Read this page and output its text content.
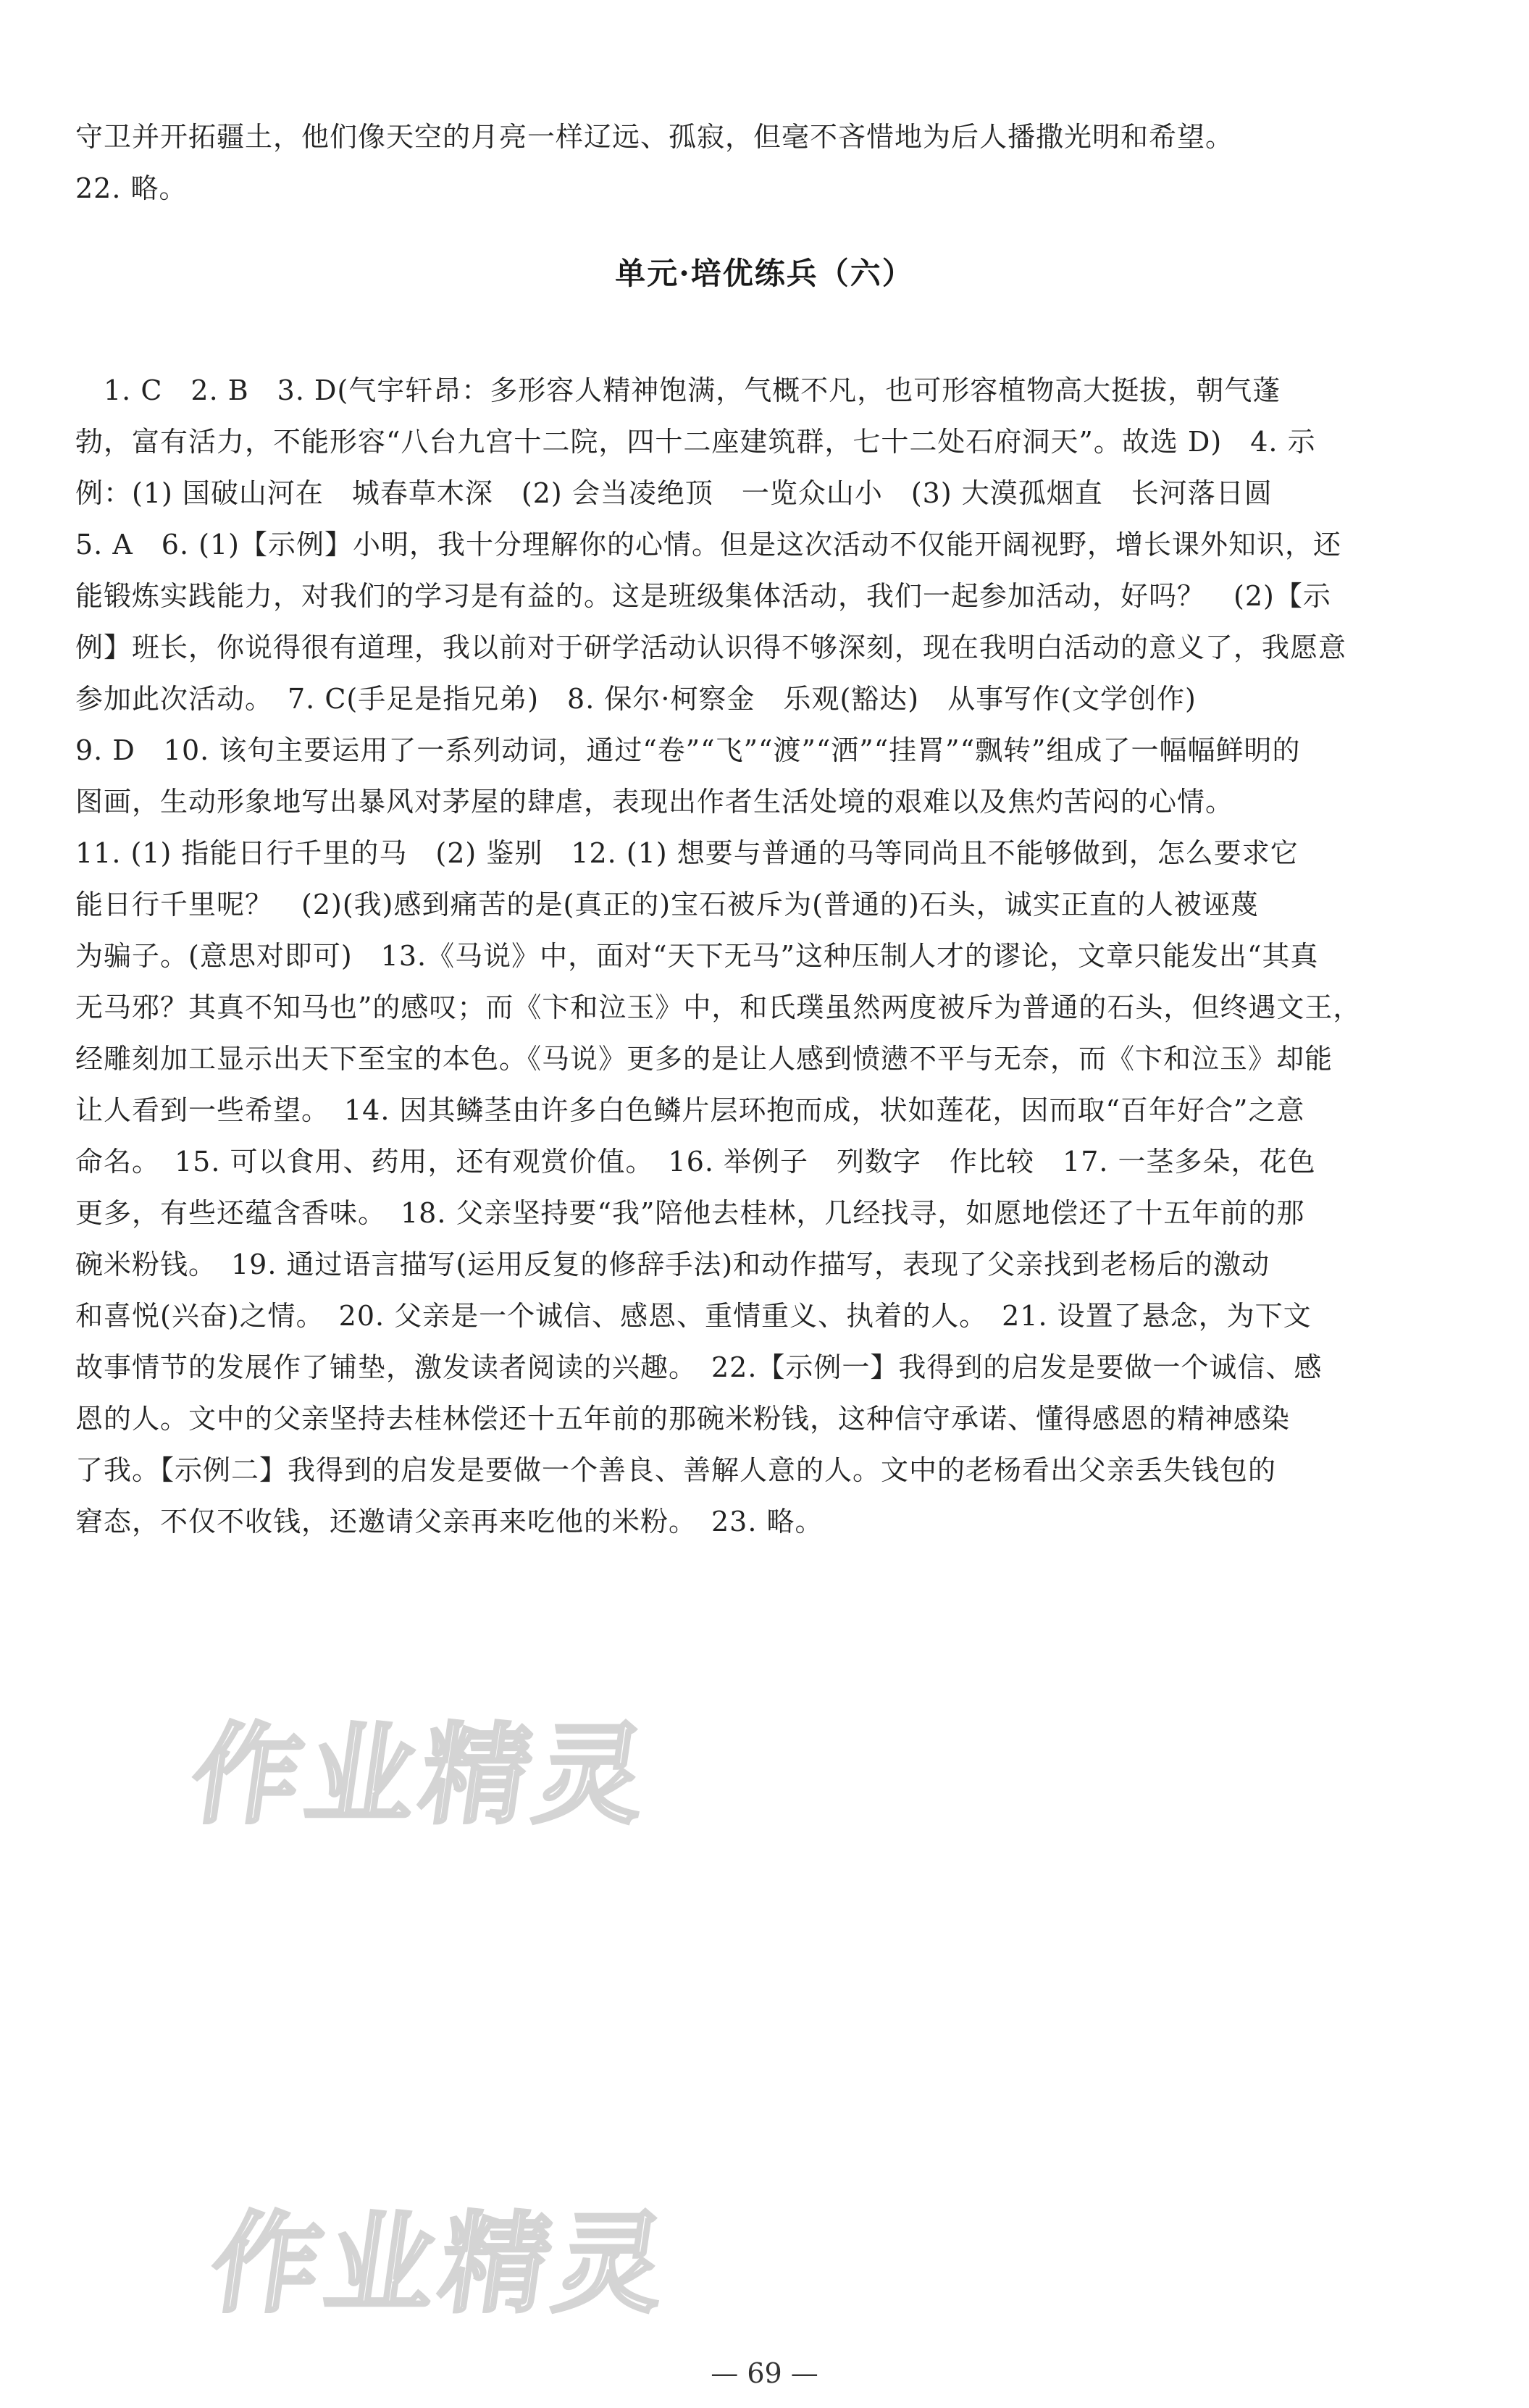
守卫并开拓疆土，他们像天空的月亮一样辽远、孤寂，但毫不吝惜地为后人播撒光明和希望。
22. 略。
单元·培优练兵（六）
　1. C　2. B　3. D(气宇轩昂：多形容人精神饱满，气概不凡，也可形容植物高大挺拔，朝气蓬
勃，富有活力，不能形容“八台九宫十二院，四十二座建筑群，七十二处石府洞天”。故选 D)　4. 示
例：(1) 国破山河在　城春草木深　(2) 会当凌绝顶　一览众山小　(3) 大漠孤烟直　长河落日圆
5. A　6. (1)【示例】小明，我十分理解你的心情。但是这次活动不仅能开阔视野，增长课外知识，还
能锻炼实践能力，对我们的学习是有益的。这是班级集体活动，我们一起参加活动，好吗？　(2)【示
例】班长，你说得很有道理，我以前对于研学活动认识得不够深刻，现在我明白活动的意义了，我愿意
参加此次活动。　7. C(手足是指兄弟)　8. 保尔·柯察金　乐观(豁达)　从事写作(文学创作)
9. D　10. 该句主要运用了一系列动词，通过“卷”“飞”“渡”“洒”“挂罥”“飘转”组成了一幅幅鲜明的
图画，生动形象地写出暴风对茅屋的肆虐，表现出作者生活处境的艰难以及焦灼苦闷的心情。
11. (1) 指能日行千里的马　(2) 鉴别　12. (1) 想要与普通的马等同尚且不能够做到，怎么要求它
能日行千里呢？　(2)(我)感到痛苦的是(真正的)宝石被斥为(普通的)石头，诚实正直的人被诬蔑
为骗子。(意思对即可)　13.《马说》中，面对“天下无马”这种压制人才的谬论，文章只能发出“其真
无马邪？其真不知马也”的感叹；而《卞和泣玉》中，和氏璞虽然两度被斥为普通的石头，但终遇文王，
经雕刻加工显示出天下至宝的本色。《马说》更多的是让人感到愤懑不平与无奈，而《卞和泣玉》却能
让人看到一些希望。　14. 因其鳞茎由许多白色鳞片层环抱而成，状如莲花，因而取“百年好合”之意
命名。　15. 可以食用、药用，还有观赏价值。　16. 举例子　列数字　作比较　17. 一茎多朵，花色
更多，有些还蕴含香味。　18. 父亲坚持要“我”陪他去桂林，几经找寻，如愿地偿还了十五年前的那
碗米粉钱。　19. 通过语言描写(运用反复的修辞手法)和动作描写，表现了父亲找到老杨后的激动
和喜悦(兴奋)之情。　20. 父亲是一个诚信、感恩、重情重义、执着的人。　21. 设置了悬念，为下文
故事情节的发展作了铺垫，激发读者阅读的兴趣。　22.【示例一】我得到的启发是要做一个诚信、感
恩的人。文中的父亲坚持去桂林偿还十五年前的那碗米粉钱，这种信守承诺、懂得感恩的精神感染
了我。【示例二】我得到的启发是要做一个善良、善解人意的人。文中的老杨看出父亲丢失钱包的
窘态，不仅不收钱，还邀请父亲再来吃他的米粉。　23. 略。
作业精灵
作业精灵
— 69 —
